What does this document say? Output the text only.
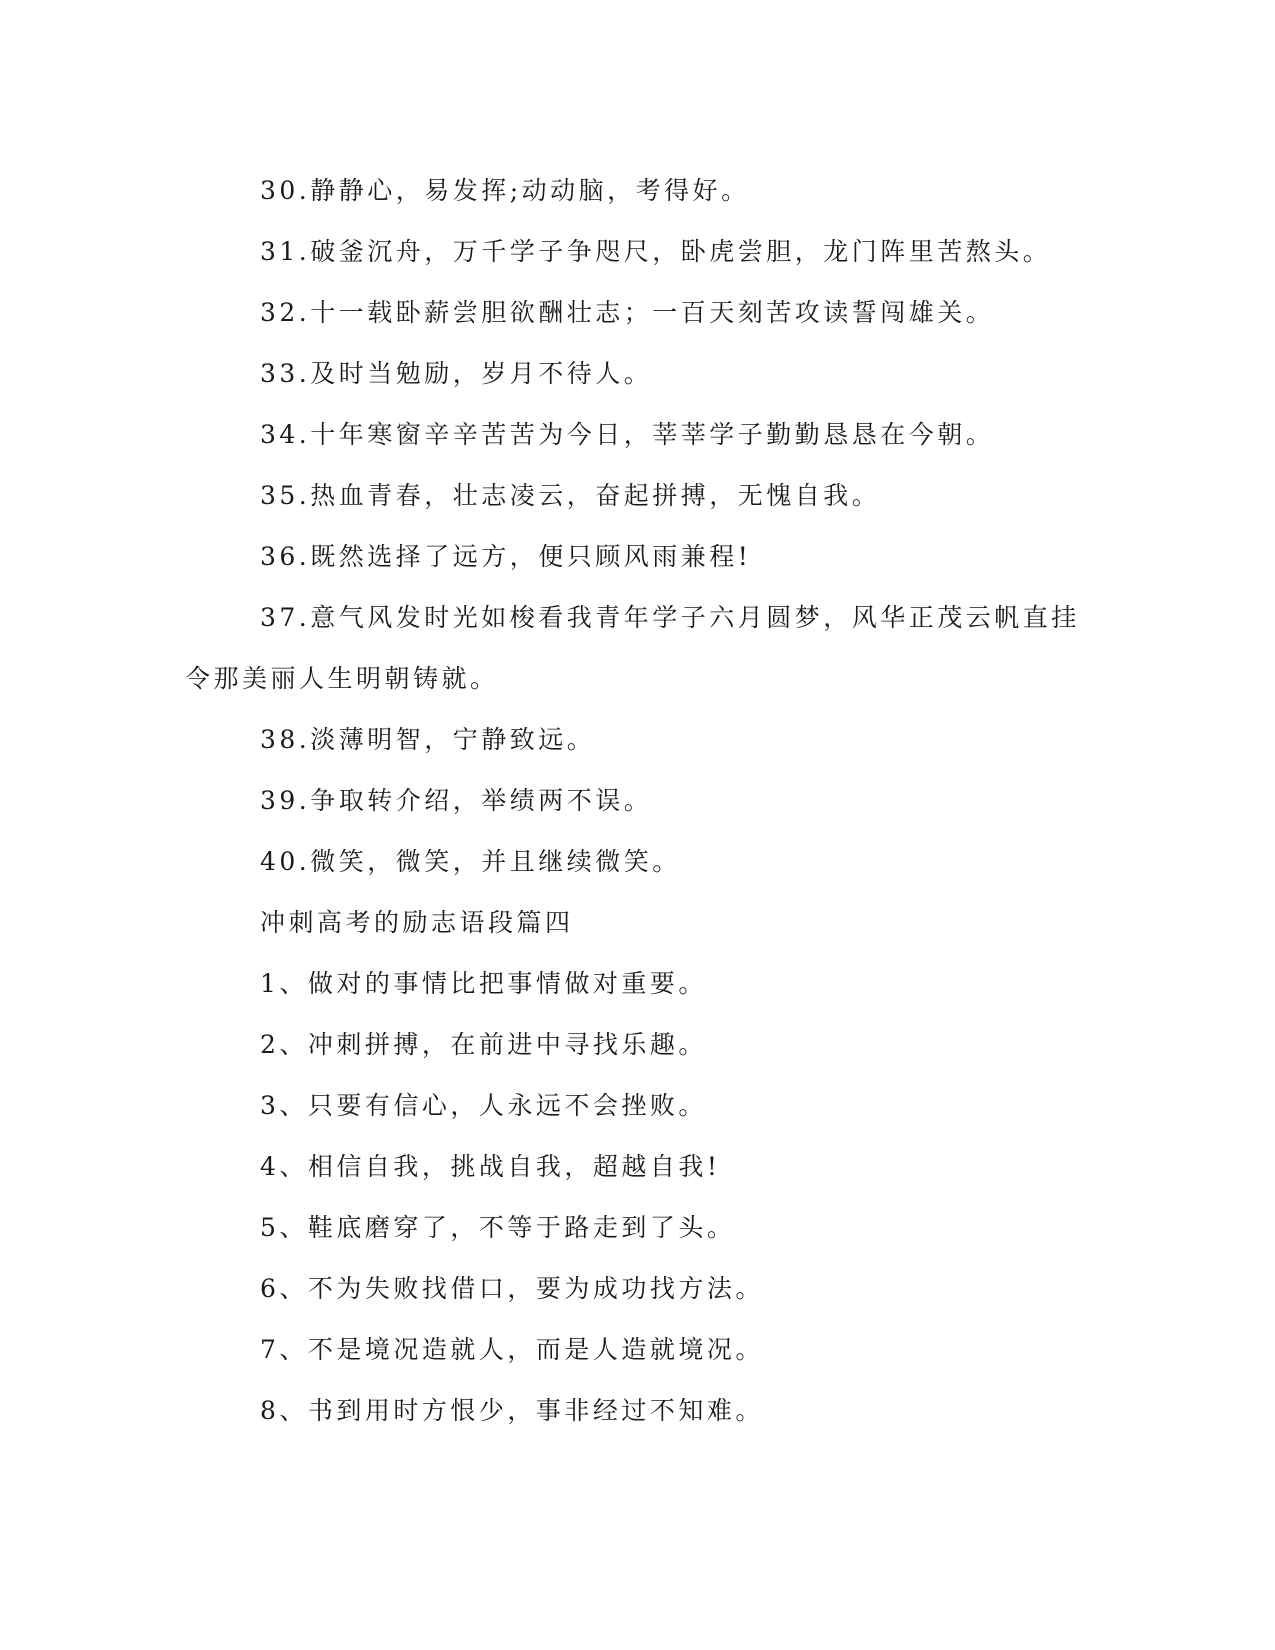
30.静静心，易发挥;动动脑，考得好。

31.破釜沉舟，万千学子争咫尺，卧虎尝胆，龙门阵里苦熬头。

32.十一载卧薪尝胆欲酬壮志；一百天刻苦攻读誓闯雄关。

33.及时当勉励，岁月不待人。

34.十年寒窗辛辛苦苦为今日，莘莘学子勤勤恳恳在今朝。

35.热血青春，壮志凌云，奋起拼搏，无愧自我。

36.既然选择了远方，便只顾风雨兼程!

37.意气风发时光如梭看我青年学子六月圆梦，风华正茂云帆直挂令那美丽人生明朝铸就。

38.淡薄明智，宁静致远。

39.争取转介绍，举绩两不误。

40.微笑，微笑，并且继续微笑。

冲刺高考的励志语段篇四

1、做对的事情比把事情做对重要。

2、冲刺拼搏，在前进中寻找乐趣。

3、只要有信心，人永远不会挫败。

4、相信自我，挑战自我，超越自我!

5、鞋底磨穿了，不等于路走到了头。

6、不为失败找借口，要为成功找方法。

7、不是境况造就人，而是人造就境况。

8、书到用时方恨少，事非经过不知难。
